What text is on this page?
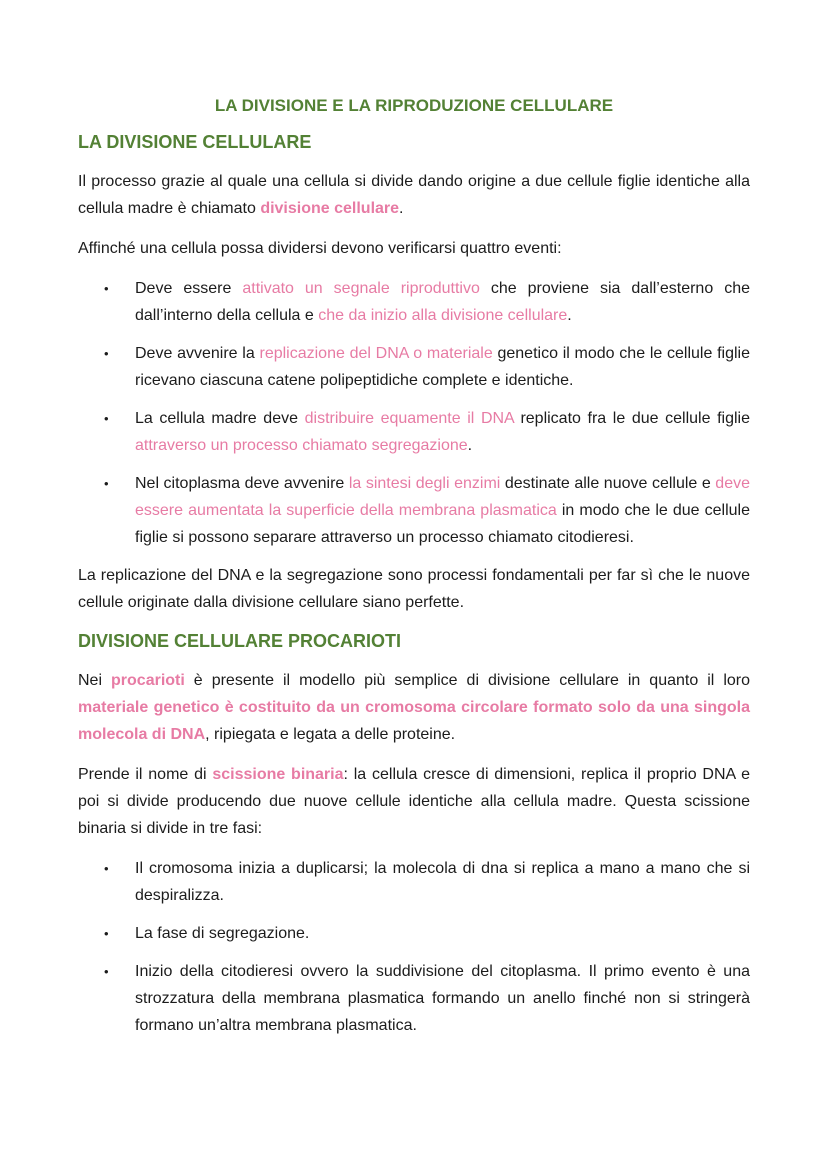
LA DIVISIONE E LA RIPRODUZIONE CELLULARE
LA DIVISIONE CELLULARE

Il processo grazie al quale una cellula si divide dando origine a due cellule figlie identiche alla cellula madre è chiamato divisione cellulare.

Affinché una cellula possa dividersi devono verificarsi quattro eventi:

• Deve essere attivato un segnale riproduttivo che proviene sia dall’esterno che dall’interno della cellula e che da inizio alla divisione cellulare.

• Deve avvenire la replicazione del DNA o materiale genetico il modo che le cellule figlie ricevano ciascuna catene polipeptidiche complete e identiche.

• La cellula madre deve distribuire equamente il DNA replicato fra le due cellule figlie attraverso un processo chiamato segregazione.

• Nel citoplasma deve avvenire la sintesi degli enzimi destinate alle nuove cellule e deve essere aumentata la superficie della membrana plasmatica in modo che le due cellule figlie si possono separare attraverso un processo chiamato citodieresi.

La replicazione del DNA e la segregazione sono processi fondamentali per far sì che le nuove cellule originate dalla divisione cellulare siano perfette.

DIVISIONE CELLULARE PROCARIOTI

Nei procarioti è presente il modello più semplice di divisione cellulare in quanto il loro materiale genetico è costituito da un cromosoma circolare formato solo da una singola molecola di DNA, ripiegata e legata a delle proteine.

Prende il nome di scissione binaria: la cellula cresce di dimensioni, replica il proprio DNA e poi si divide producendo due nuove cellule identiche alla cellula madre. Questa scissione binaria si divide in tre fasi:

• Il cromosoma inizia a duplicarsi; la molecola di dna si replica a mano a mano che si despiralizza.

• La fase di segregazione.

• Inizio della citodieresi ovvero la suddivisione del citoplasma. Il primo evento è una strozzatura della membrana plasmatica formando un anello finché non si stringerà formano un’altra membrana plasmatica.
